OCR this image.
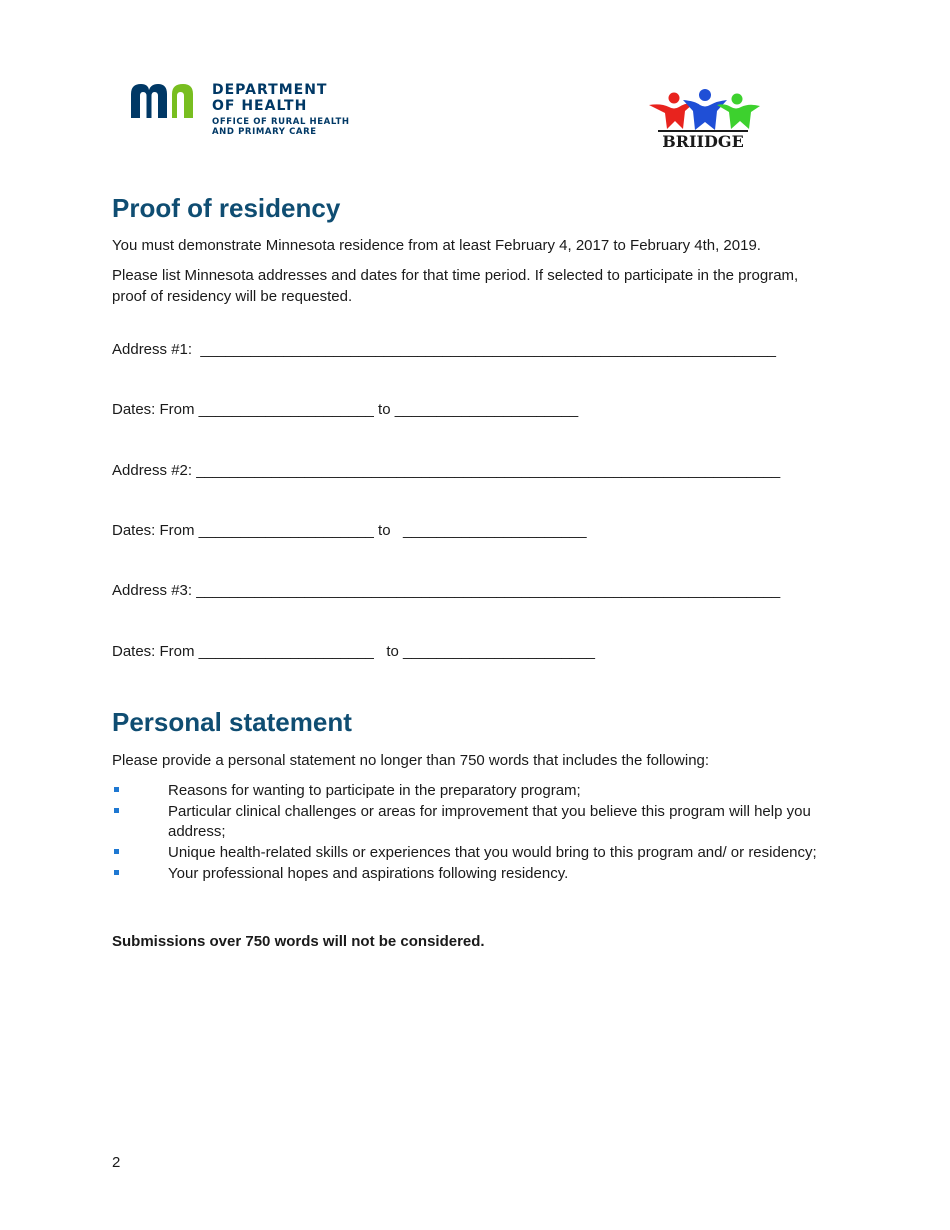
DEPARTMENT
OF HEALTH
OFFICE OF RURAL HEALTH
AND PRIMARY CARE	BRIIDGE
Proof of residency

You must demonstrate Minnesota residence from at least February 4, 2017 to February 4th, 2019.

Please list Minnesota addresses and dates for that time period. If selected to participate in the program,

proof of residency will be requested.

Address #1:  _____________________________________________________________________
Dates: From _____________________ to ______________________
Address #2: ______________________________________________________________________
Dates: From _____________________ to   ______________________
Address #3: ______________________________________________________________________
Dates: From _____________________   to _______________________
Personal statement

Please provide a personal statement no longer than 750 words that includes the following:

Reasons for wanting to participate in the preparatory program;
Particular clinical challenges or areas for improvement that you believe this program will help you address;
Unique health-related skills or experiences that you would bring to this program and/ or residency;
Your professional hopes and aspirations following residency.
Submissions over 750 words will not be considered.
2
